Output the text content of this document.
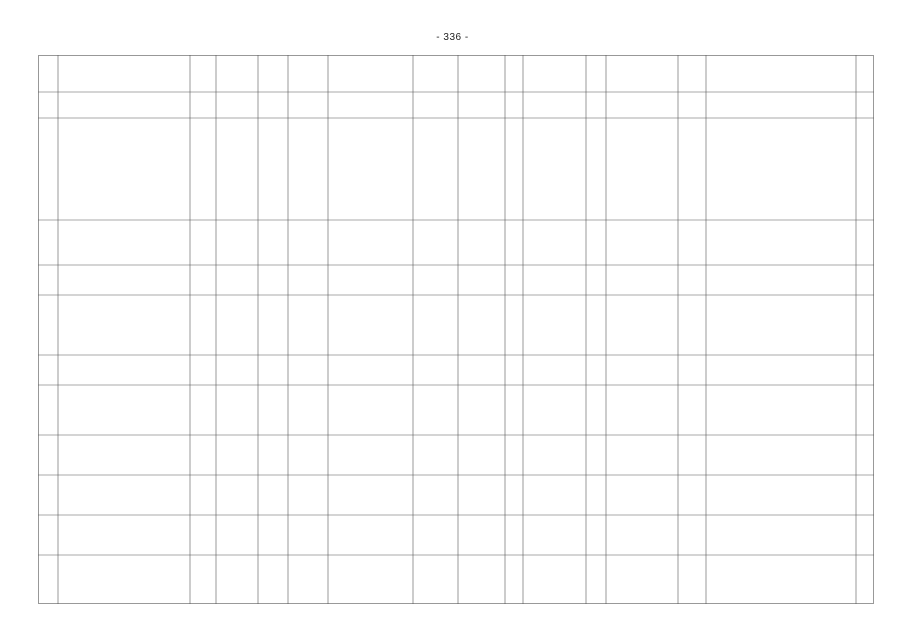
- 336 -
